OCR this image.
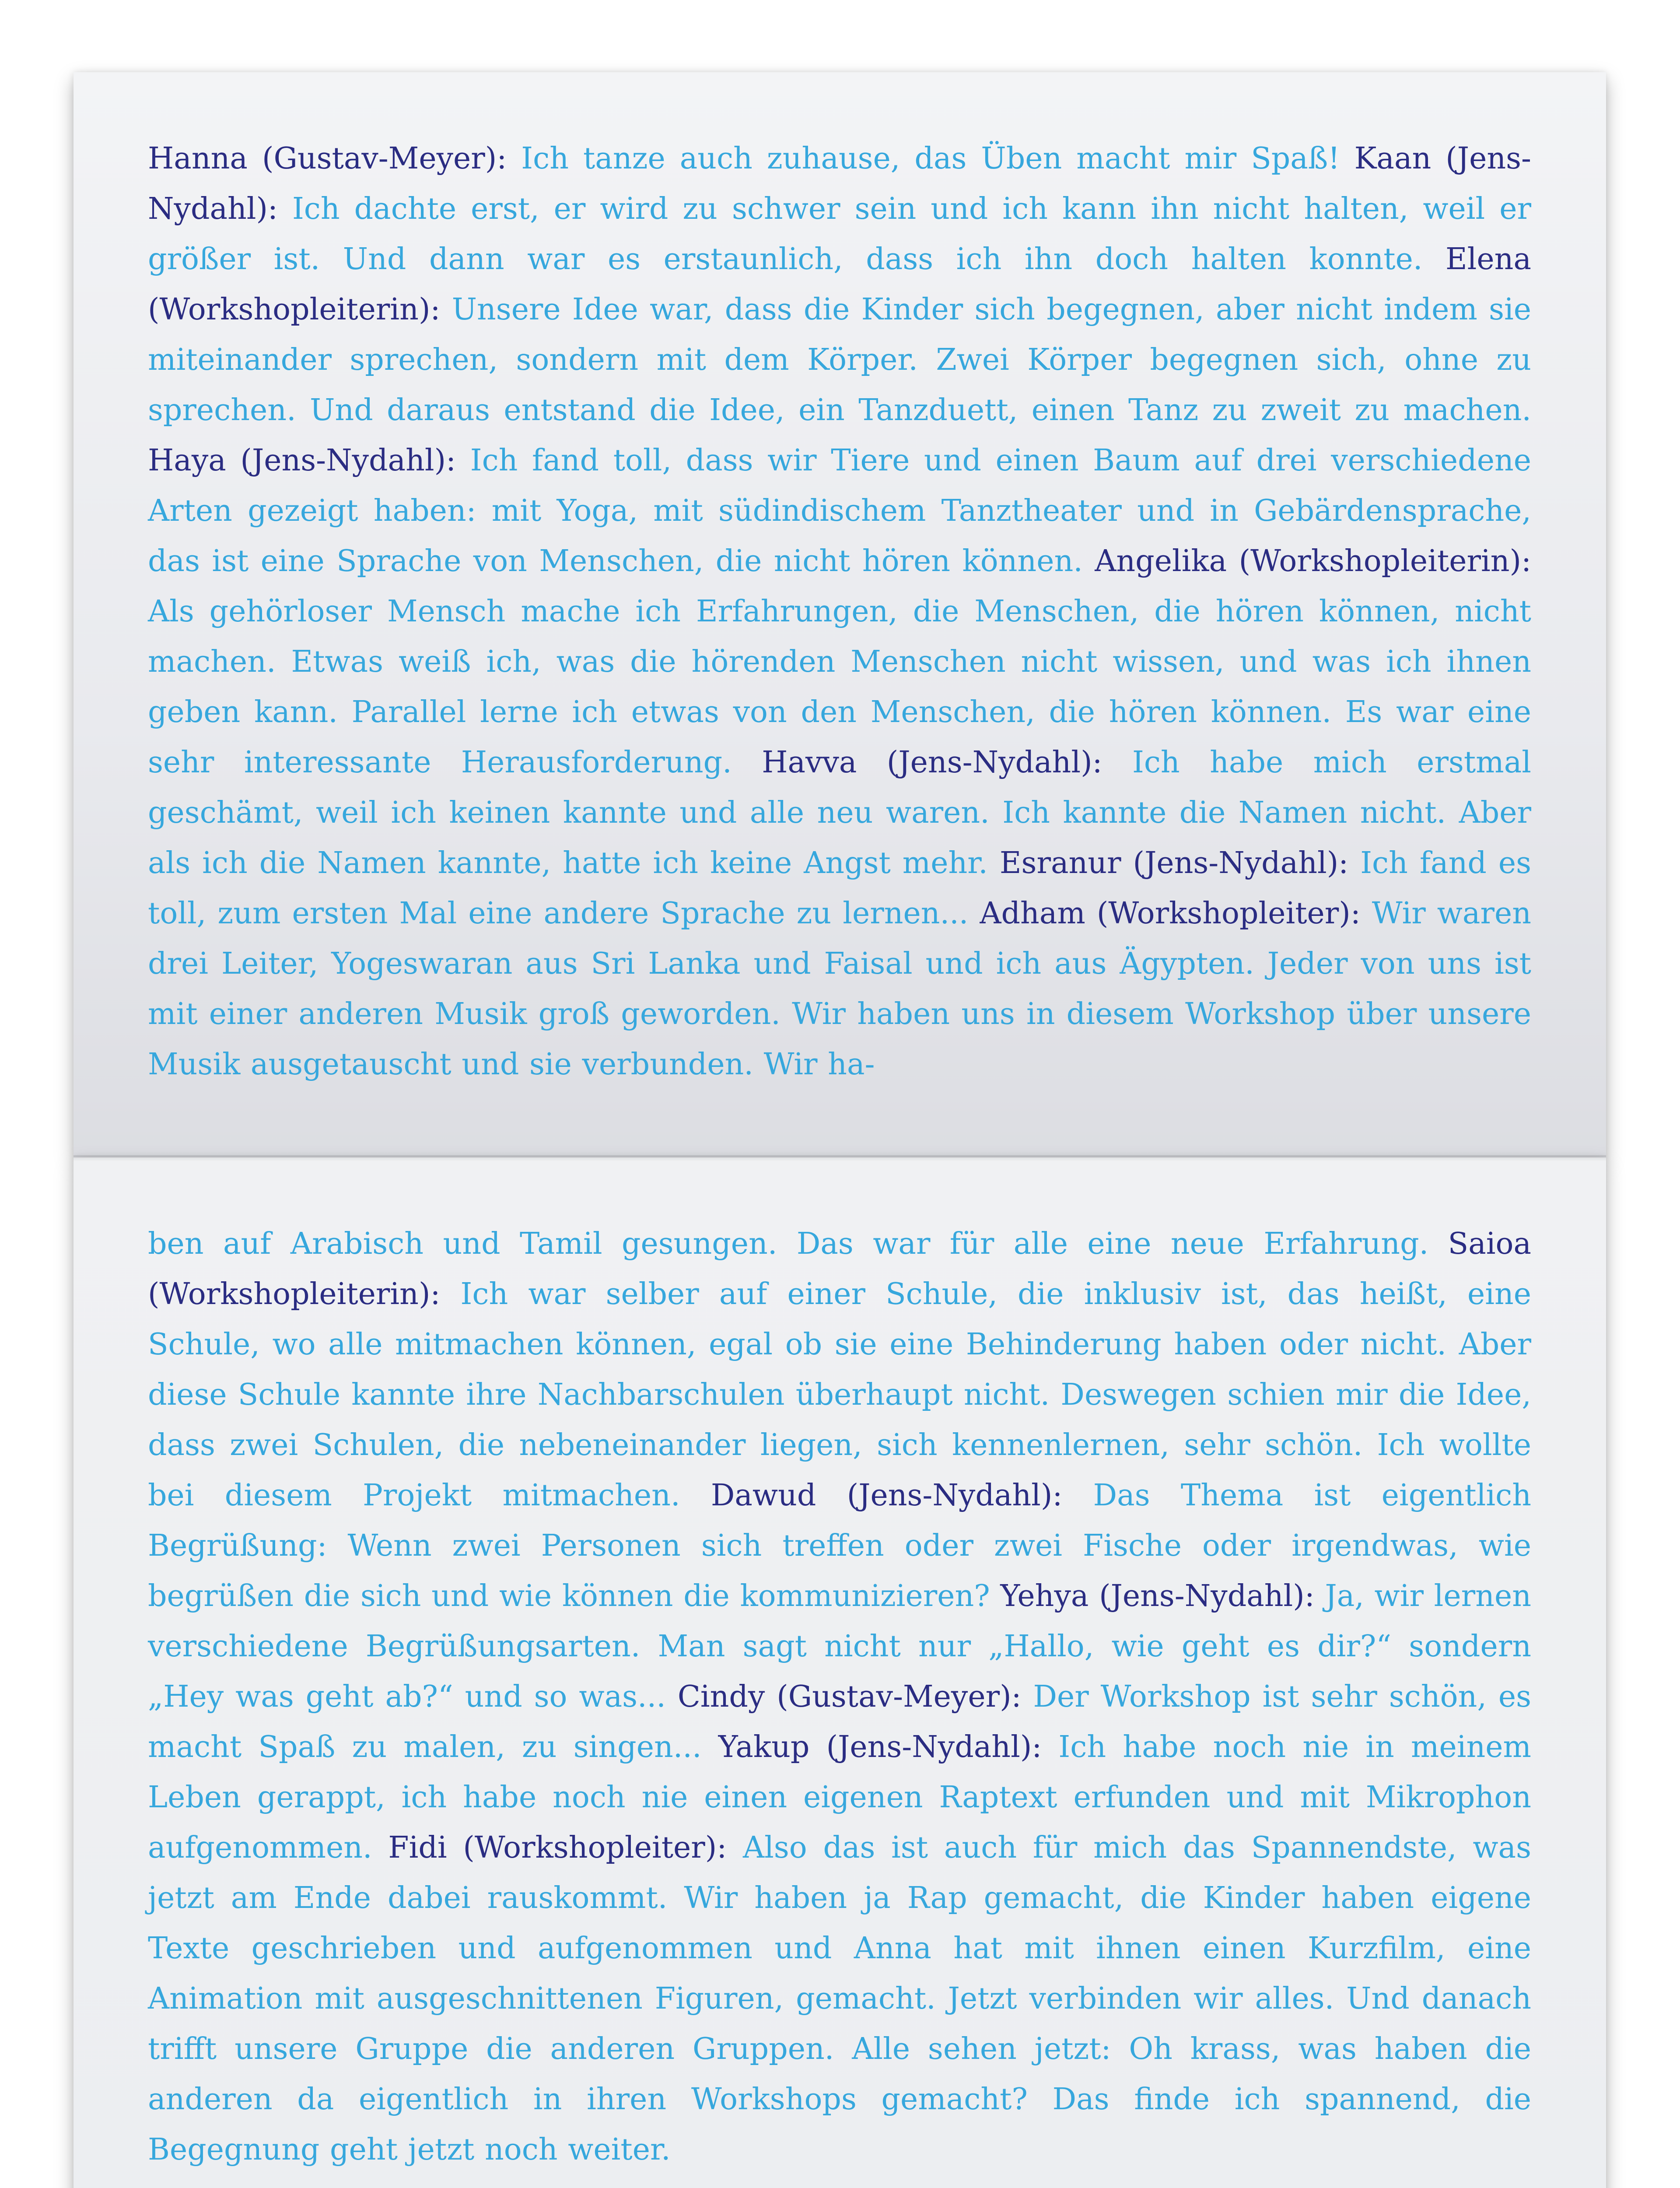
Hanna (Gustav-Meyer): Ich tanze auch zuhause, das Üben macht mir Spaß! Kaan (Jens-Nydahl): Ich dachte erst, er wird zu schwer sein und ich kann ihn nicht halten, weil er größer ist. Und dann war es erstaunlich, dass ich ihn doch halten konnte. Elena (Workshopleiterin): Unsere Idee war, dass die Kinder sich begegnen, aber nicht indem sie miteinander sprechen, sondern mit dem Körper. Zwei Körper begegnen sich, ohne zu sprechen. Und daraus entstand die Idee, ein Tanzduett, einen Tanz zu zweit zu machen. Haya (Jens-Nydahl): Ich fand toll, dass wir Tiere und einen Baum auf drei verschiedene Arten gezeigt haben: mit Yoga, mit südindischem Tanztheater und in Gebärdensprache, das ist eine Sprache von Menschen, die nicht hören können. Angelika (Workshopleiterin): Als gehörloser Mensch mache ich Erfahrungen, die Menschen, die hören können, nicht machen. Etwas weiß ich, was die hörenden Menschen nicht wissen, und was ich ihnen geben kann. Parallel lerne ich etwas von den Menschen, die hören können. Es war eine sehr interessante Herausforderung. Havva (Jens-Nydahl): Ich habe mich erstmal geschämt, weil ich keinen kannte und alle neu waren. Ich kannte die Namen nicht. Aber als ich die Namen kannte, hatte ich keine Angst mehr. Esranur (Jens-Nydahl): Ich fand es toll, zum ersten Mal eine andere Sprache zu lernen... Adham (Workshopleiter): Wir waren drei Leiter, Yogeswaran aus Sri Lanka und Faisal und ich aus Ägypten. Jeder von uns ist mit einer anderen Musik groß geworden. Wir haben uns in diesem Workshop über unsere Musik ausgetauscht und sie verbunden. Wir ha-
ben auf Arabisch und Tamil gesungen. Das war für alle eine neue Erfahrung. Saioa (Workshopleiterin): Ich war selber auf einer Schule, die inklusiv ist, das heißt, eine Schule, wo alle mitmachen können, egal ob sie eine Behinderung haben oder nicht. Aber diese Schule kannte ihre Nachbarschulen überhaupt nicht. Deswegen schien mir die Idee, dass zwei Schulen, die nebeneinander liegen, sich kennenlernen, sehr schön. Ich wollte bei diesem Projekt mitmachen. Dawud (Jens-Nydahl): Das Thema ist eigentlich Begrüßung: Wenn zwei Personen sich treffen oder zwei Fische oder irgendwas, wie begrüßen die sich und wie können die kommunizieren? Yehya (Jens-Nydahl): Ja, wir lernen verschiedene Begrüßungsarten. Man sagt nicht nur „Hallo, wie geht es dir?“ sondern „Hey was geht ab?“ und so was... Cindy (Gustav-Meyer): Der Workshop ist sehr schön, es macht Spaß zu malen, zu singen... Yakup (Jens-Nydahl): Ich habe noch nie in meinem Leben gerappt, ich habe noch nie einen eigenen Raptext erfunden und mit Mikrophon aufgenommen. Fidi (Workshopleiter): Also das ist auch für mich das Spannendste, was jetzt am Ende dabei rauskommt. Wir haben ja Rap gemacht, die Kinder haben eigene Texte geschrieben und aufgenommen und Anna hat mit ihnen einen Kurzfilm, eine Animation mit ausgeschnittenen Figuren, gemacht. Jetzt verbinden wir alles. Und danach trifft unsere Gruppe die anderen Gruppen. Alle sehen jetzt: Oh krass, was haben die anderen da eigentlich in ihren Workshops gemacht? Das finde ich spannend, die Begegnung geht jetzt noch weiter.
